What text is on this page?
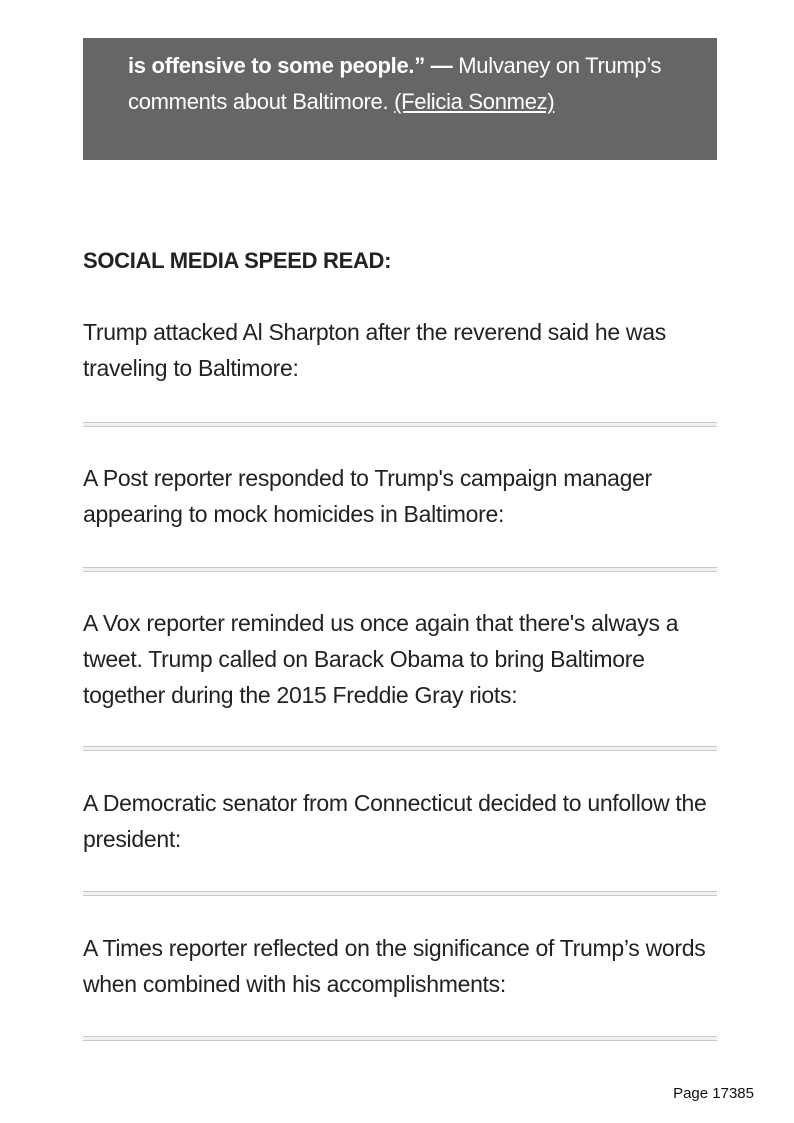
is offensive to some people.” — Mulvaney on Trump’s comments about Baltimore. (Felicia Sonmez)
SOCIAL MEDIA SPEED READ:

Trump attacked Al Sharpton after the reverend said he was traveling to Baltimore:

A Post reporter responded to Trump's campaign manager appearing to mock homicides in Baltimore:

A Vox reporter reminded us once again that there's always a tweet. Trump called on Barack Obama to bring Baltimore together during the 2015 Freddie Gray riots:

A Democratic senator from Connecticut decided to unfollow the president:

A Times reporter reflected on the significance of Trump’s words when combined with his accomplishments:

Page 17385
